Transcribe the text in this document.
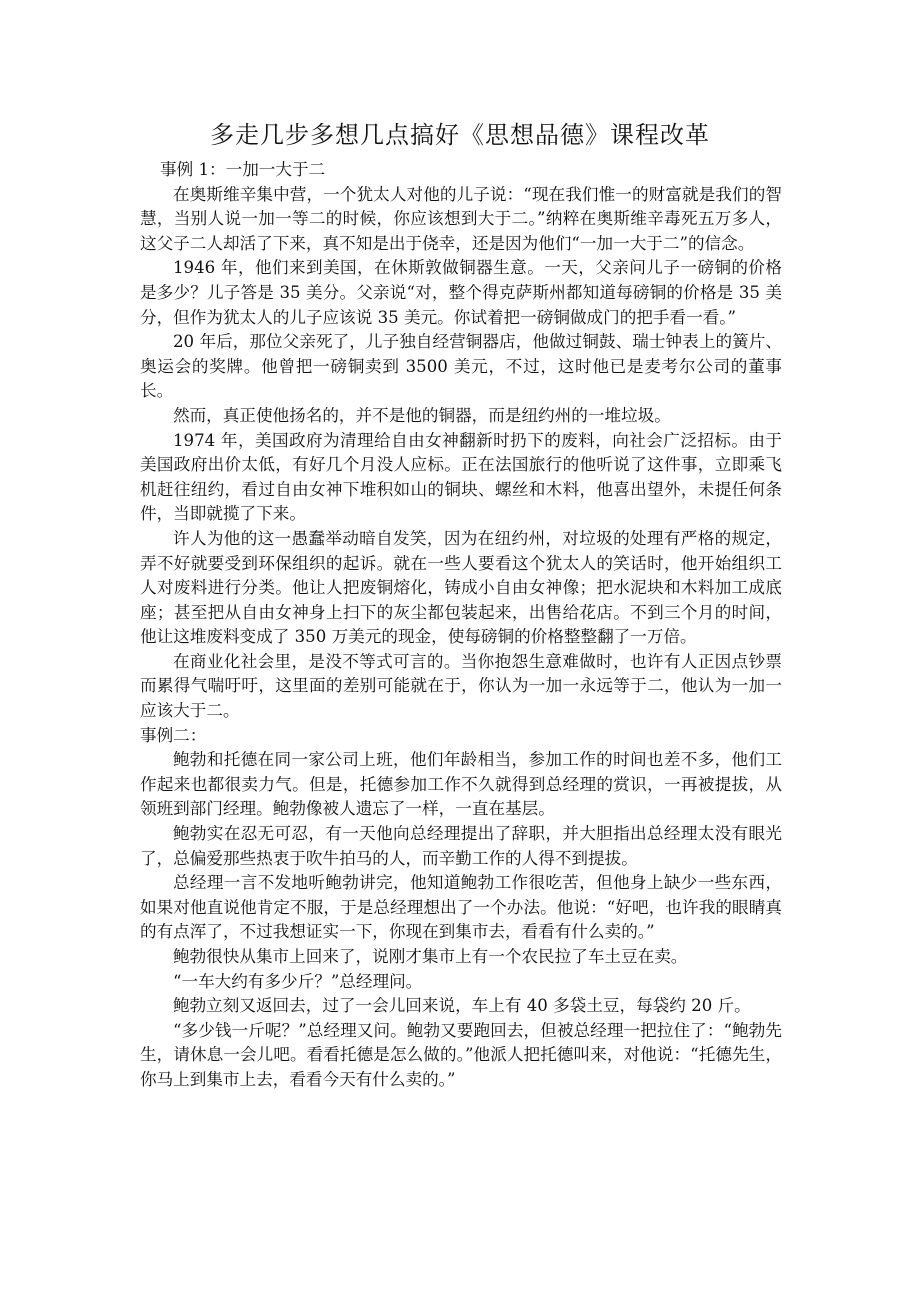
多走几步多想几点搞好《思想品德》课程改革

事例 1：一加一大于二

在奥斯维辛集中营，一个犹太人对他的儿子说：“现在我们惟一的财富就是我们的智慧，当别人说一加一等二的时候，你应该想到大于二。”纳粹在奥斯维辛毒死五万多人，这父子二人却活了下来，真不知是出于侥幸，还是因为他们“一加一大于二”的信念。

1946 年，他们来到美国，在休斯敦做铜器生意。一天，父亲问儿子一磅铜的价格是多少？儿子答是 35 美分。父亲说“对，整个得克萨斯州都知道每磅铜的价格是 35 美分，但作为犹太人的儿子应该说 35 美元。你试着把一磅铜做成门的把手看一看。”

20 年后，那位父亲死了，儿子独自经营铜器店，他做过铜鼓、瑞士钟表上的簧片、奥运会的奖牌。他曾把一磅铜卖到 3500 美元，不过，这时他已是麦考尔公司的董事长。

然而，真正使他扬名的，并不是他的铜器，而是纽约州的一堆垃圾。

1974 年，美国政府为清理给自由女神翻新时扔下的废料，向社会广泛招标。由于美国政府出价太低，有好几个月没人应标。正在法国旅行的他听说了这件事，立即乘飞机赶往纽约，看过自由女神下堆积如山的铜块、螺丝和木料，他喜出望外，未提任何条件，当即就揽了下来。

许人为他的这一愚蠢举动暗自发笑，因为在纽约州，对垃圾的处理有严格的规定，弄不好就要受到环保组织的起诉。就在一些人要看这个犹太人的笑话时，他开始组织工人对废料进行分类。他让人把废铜熔化，铸成小自由女神像；把水泥块和木料加工成底座；甚至把从自由女神身上扫下的灰尘都包装起来，出售给花店。不到三个月的时间，他让这堆废料变成了 350 万美元的现金，使每磅铜的价格整整翻了一万倍。

在商业化社会里，是没不等式可言的。当你抱怨生意难做时，也许有人正因点钞票而累得气喘吁吁，这里面的差别可能就在于，你认为一加一永远等于二，他认为一加一应该大于二。

事例二：

鲍勃和托德在同一家公司上班，他们年龄相当，参加工作的时间也差不多，他们工作起来也都很卖力气。但是，托德参加工作不久就得到总经理的赏识，一再被提拔，从领班到部门经理。鲍勃像被人遗忘了一样，一直在基层。

鲍勃实在忍无可忍，有一天他向总经理提出了辞职，并大胆指出总经理太没有眼光了，总偏爱那些热衷于吹牛拍马的人，而辛勤工作的人得不到提拔。

总经理一言不发地听鲍勃讲完，他知道鲍勃工作很吃苦，但他身上缺少一些东西，如果对他直说他肯定不服，于是总经理想出了一个办法。他说：“好吧，也许我的眼睛真的有点浑了，不过我想证实一下，你现在到集市去，看看有什么卖的。”

鲍勃很快从集市上回来了，说刚才集市上有一个农民拉了车土豆在卖。

“一车大约有多少斤？”总经理问。

鲍勃立刻又返回去，过了一会儿回来说，车上有 40 多袋土豆，每袋约 20 斤。

“多少钱一斤呢？”总经理又问。鲍勃又要跑回去，但被总经理一把拉住了：“鲍勃先生，请休息一会儿吧。看看托德是怎么做的。”他派人把托德叫来，对他说：“托德先生，你马上到集市上去，看看今天有什么卖的。”
